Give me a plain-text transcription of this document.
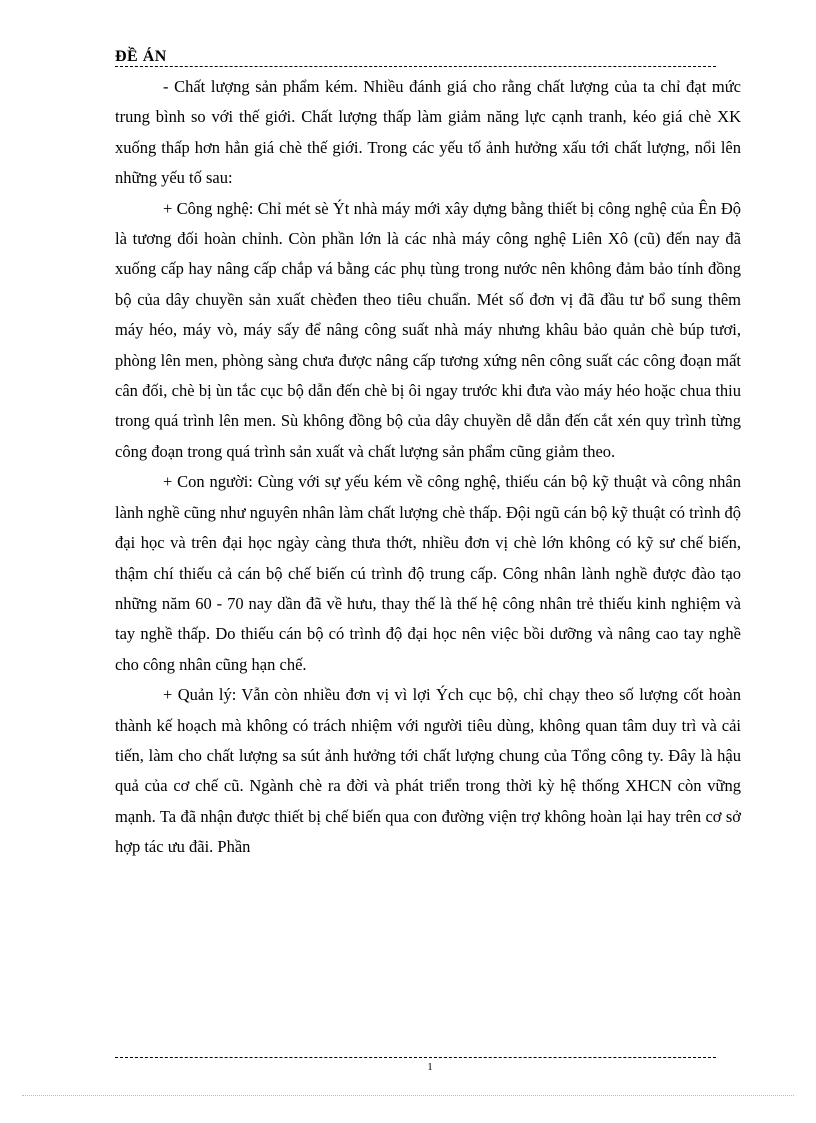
ĐỀ ÁN

- Chất lượng sản phẩm kém. Nhiều đánh giá cho rằng chất lượng của ta chỉ đạt mức trung bình so với thế giới. Chất lượng thấp làm giảm năng lực cạnh tranh, kéo giá chè XK xuống thấp hơn hẳn giá chè thế giới. Trong các yếu tố ảnh hưởng xấu tới chất lượng, nổi lên những yếu tố sau:

+ Công nghệ: Chỉ mét sè Ýt nhà máy mới xây dựng bằng thiết bị công nghệ của Ên Độ là tương đối hoàn chỉnh. Còn phần lớn là các nhà máy công nghệ Liên Xô (cũ) đến nay đã xuống cấp hay nâng cấp chắp vá bằng các phụ tùng trong nước nên không đảm bảo tính đồng bộ của dây chuyền sản xuất chèđen theo tiêu chuẩn. Mét số đơn vị đã đầu tư bổ sung thêm máy héo, máy vò, máy sấy để nâng công suất nhà máy nhưng khâu bảo quản chè búp tươi, phòng lên men, phòng sàng chưa được nâng cấp tương xứng nên công suất các công đoạn mất cân đối, chè bị ùn tắc cục bộ dẫn đến chè bị ôi ngay trước khi đưa vào máy héo hoặc chua thiu trong quá trình lên men. Sù không đồng bộ của dây chuyền dễ dẫn đến cắt xén quy trình từng công đoạn trong quá trình sản xuất và chất lượng sản phẩm cũng giảm theo.

+ Con người: Cùng với sự yếu kém về công nghệ, thiếu cán bộ kỹ thuật và công nhân lành nghề cũng như nguyên nhân làm chất lượng chè thấp. Đội ngũ cán bộ kỹ thuật có trình độ đại học và trên đại học ngày càng thưa thớt, nhiều đơn vị chè lớn không có kỹ sư chế biến, thậm chí thiếu cả cán bộ chế biến cú trình độ trung cấp. Công nhân lành nghề được đào tạo những năm 60 - 70 nay dần đã về hưu, thay thế là thế hệ công nhân trẻ thiếu kinh nghiệm và tay nghề thấp. Do thiếu cán bộ có trình độ đại học nên việc bồi dưỡng và nâng cao tay nghề cho công nhân cũng hạn chế.

+ Quản lý: Vẫn còn nhiều đơn vị vì lợi Ých cục bộ, chỉ chạy theo số lượng cốt hoàn thành kế hoạch mà không có trách nhiệm với người tiêu dùng, không quan tâm duy trì và cải tiến, làm cho chất lượng sa sút ảnh hưởng tới chất lượng chung của Tổng công ty. Đây là hậu quả của cơ chế cũ. Ngành chè ra đời và phát triển trong thời kỳ hệ thống XHCN còn vững mạnh. Ta đã nhận được thiết bị chế biến qua con đường viện trợ không hoàn lại hay trên cơ sở hợp tác ưu đãi. Phần

1
